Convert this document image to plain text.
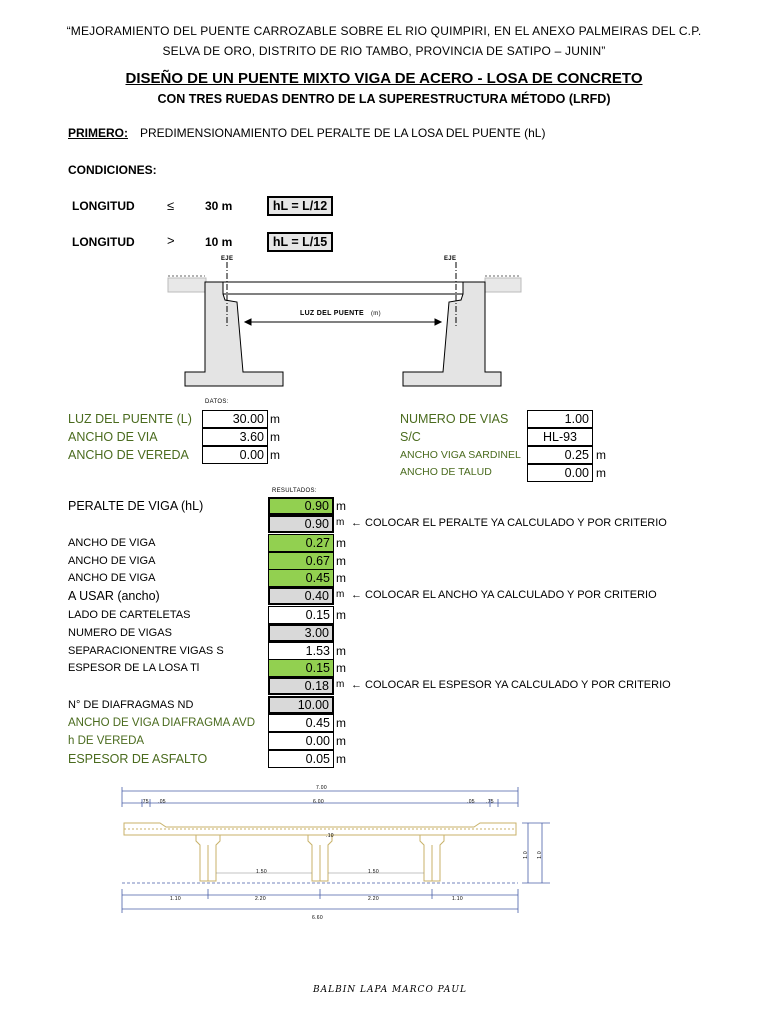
“MEJORAMIENTO DEL PUENTE CARROZABLE SOBRE EL RIO QUIMPIRI, EN EL ANEXO PALMEIRAS DEL C.P.
SELVA DE ORO, DISTRITO DE RIO TAMBO, PROVINCIA DE SATIPO – JUNIN”
DISEÑO DE UN PUENTE MIXTO VIGA DE ACERO - LOSA DE CONCRETO
CON TRES RUEDAS DENTRO DE LA SUPERESTRUCTURA MÉTODO (LRFD)
PRIMERO: PREDIMENSIONAMIENTO DEL PERALTE DE LA LOSA DEL PUENTE (hL)
CONDICIONES:
LONGITUD ≤	30 m	hL = L/12
LONGITUD >	10 m	hL = L/15
EJE	EJE
LUZ DEL PUENTE (m)
DATOS:
LUZ DEL PUENTE (L)	30.00 m
ANCHO DE VIA	3.60 m
ANCHO DE VEREDA	0.00 m
NUMERO DE VIAS	1.00
S/C	HL-93
ANCHO VIGA SARDINEL	0.25 m
ANCHO DE TALUD	0.00 m
RESULTADOS:
PERALTE DE VIGA (hL)	0.90 m
0.90 m ← COLOCAR EL PERALTE YA CALCULADO Y POR CRITERIO
ANCHO DE VIGA	0.27 m
ANCHO DE VIGA	0.67 m
ANCHO DE VIGA	0.45 m
A USAR (ancho)	0.40 m ← COLOCAR EL ANCHO YA CALCULADO Y POR CRITERIO
LADO DE CARTELETAS	0.15 m
NUMERO DE VIGAS	3.00
SEPARACIONENTRE VIGAS S	1.53 m
ESPESOR DE LA LOSA Tl	0.15 m
0.18 m ← COLOCAR EL ESPESOR YA CALCULADO Y POR CRITERIO
N° DE DIAFRAGMAS ND	10.00
ANCHO DE VIGA DIAFRAGMA AVD	0.45 m
h DE VEREDA	0.00 m
ESPESOR DE ASFALTO	0.05 m
7.00
.75 .05	6.00	.05 .75
.10
1.50	1.50
1.10	2.20	2.20	1.10
6.60
1.0 1.0
BALBIN LAPA MARCO PAUL
